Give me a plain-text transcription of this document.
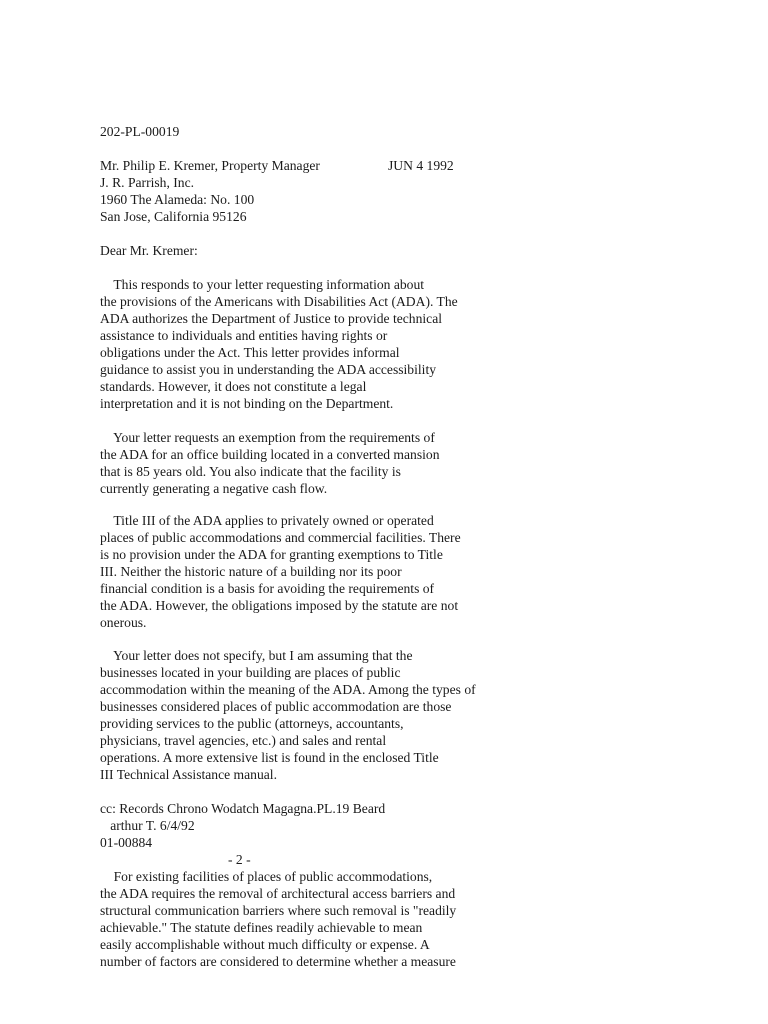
202-PL-00019
Mr. Philip E. Kremer, Property Manager	JUN 4 1992
J. R. Parrish, Inc.
1960 The Alameda: No. 100
San Jose, California 95126
Dear Mr. Kremer:
This responds to your letter requesting information about
the provisions of the Americans with Disabilities Act (ADA). The
ADA authorizes the Department of Justice to provide technical
assistance to individuals and entities having rights or
obligations under the Act. This letter provides informal
guidance to assist you in understanding the ADA accessibility
standards. However, it does not constitute a legal
interpretation and it is not binding on the Department.
Your letter requests an exemption from the requirements of
the ADA for an office building located in a converted mansion
that is 85 years old. You also indicate that the facility is
currently generating a negative cash flow.
Title III of the ADA applies to privately owned or operated
places of public accommodations and commercial facilities. There
is no provision under the ADA for granting exemptions to Title
III. Neither the historic nature of a building nor its poor
financial condition is a basis for avoiding the requirements of
the ADA. However, the obligations imposed by the statute are not
onerous.
Your letter does not specify, but I am assuming that the
businesses located in your building are places of public
accommodation within the meaning of the ADA. Among the types of
businesses considered places of public accommodation are those
providing services to the public (attorneys, accountants,
physicians, travel agencies, etc.) and sales and rental
operations. A more extensive list is found in the enclosed Title
III Technical Assistance manual.
cc: Records Chrono Wodatch Magagna.PL.19 Beard
arthur T. 6/4/92
01-00884
- 2 -
For existing facilities of places of public accommodations,
the ADA requires the removal of architectural access barriers and
structural communication barriers where such removal is "readily
achievable." The statute defines readily achievable to mean
easily accomplishable without much difficulty or expense. A
number of factors are considered to determine whether a measure
